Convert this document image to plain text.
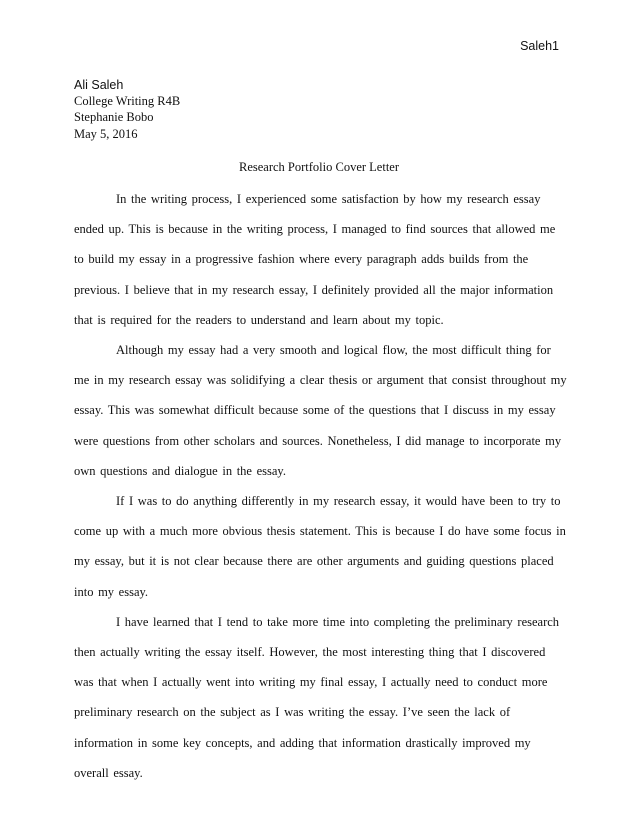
Saleh1
Ali Saleh
College Writing R4B
Stephanie Bobo
May 5, 2016
Research Portfolio Cover Letter

In the writing process, I experienced some satisfaction by how my research essay ended up. This is because in the writing process, I managed to find sources that allowed me to build my essay in a progressive fashion where every paragraph adds builds from the previous. I believe that in my research essay, I definitely provided all the major information that is required for the readers to understand and learn about my topic.

Although my essay had a very smooth and logical flow, the most difficult thing for me in my research essay was solidifying a clear thesis or argument that consist throughout my essay. This was somewhat difficult because some of the questions that I discuss in my essay were questions from other scholars and sources. Nonetheless, I did manage to incorporate my own questions and dialogue in the essay.

If I was to do anything differently in my research essay, it would have been to try to come up with a much more obvious thesis statement. This is because I do have some focus in my essay, but it is not clear because there are other arguments and guiding questions placed into my essay.

I have learned that I tend to take more time into completing the preliminary research then actually writing the essay itself. However, the most interesting thing that I discovered was that when I actually went into writing my final essay, I actually need to conduct more preliminary research on the subject as I was writing the essay. I’ve seen the lack of information in some key concepts, and adding that information drastically improved my overall essay.
